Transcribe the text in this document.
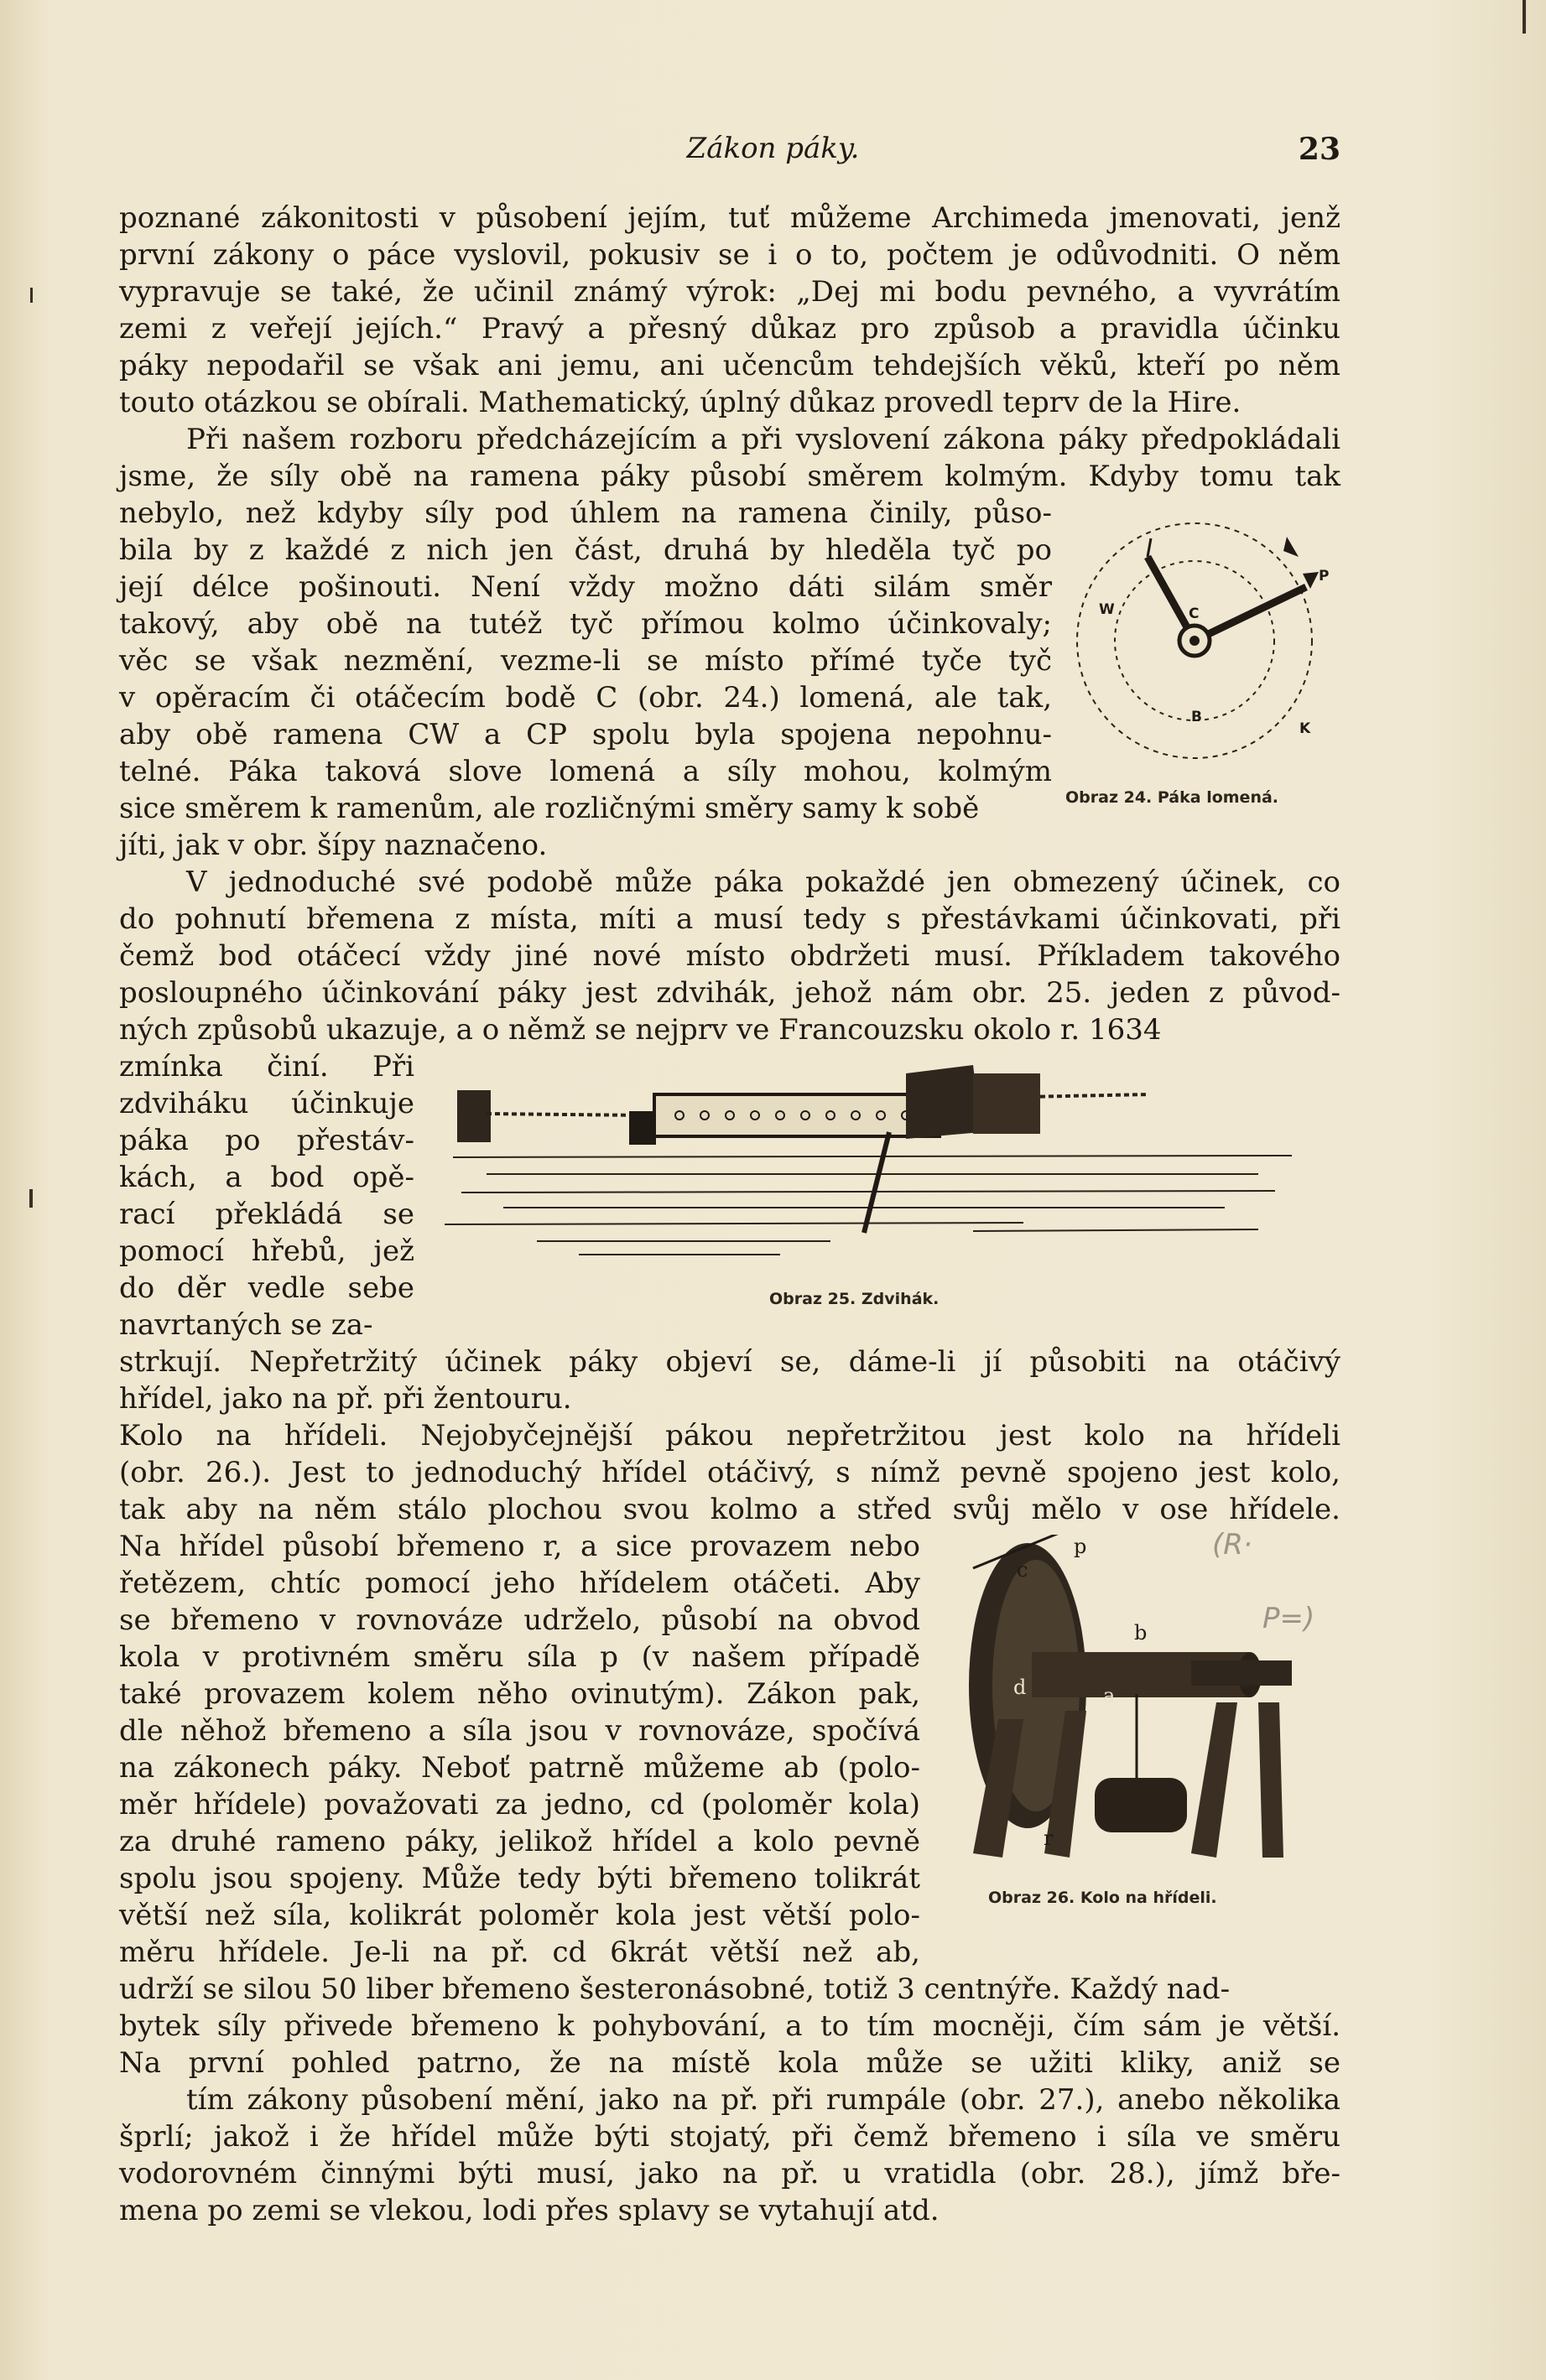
Zákon páky.	23
poznané zákonitosti v působení jejím, tuť můžeme Archimeda jmenovati, jenž
první zákony o páce vyslovil, pokusiv se i o to, počtem je odůvodniti. O něm
vypravuje se také, že učinil známý výrok: „Dej mi bodu pevného, a vyvrátím
zemi z veřejí jejích.“ Pravý a přesný důkaz pro způsob a pravidla účinku
páky nepodařil se však ani jemu, ani učencům tehdejších věků, kteří po něm
touto otázkou se obírali. Mathematický, úplný důkaz provedl teprv de la Hire.
Při našem rozboru předcházejícím a při vyslovení zákona páky předpokládali
jsme, že síly obě na ramena páky působí směrem kolmým. Kdyby tomu tak
nebylo, než kdyby síly pod úhlem na ramena činily, půso-
bila by z každé z nich jen část, druhá by hleděla tyč po
její délce pošinouti. Není vždy možno dáti silám směr
takový, aby obě na tutéž tyč přímou kolmo účinkovaly;
věc se však nezmění, vezme-li se místo přímé tyče tyč
v opěracím či otáčecím bodě C (obr. 24.) lomená, ale tak,
aby obě ramena CW a CP spolu byla spojena nepohnu-
telné. Páka taková slove lomená a síly mohou, kolmým
sice směrem k ramenům, ale rozličnými směry samy k sobě
jíti, jak v obr. šípy naznačeno.
V jednoduché své podobě může páka pokaždé jen obmezený účinek, co
do pohnutí břemena z místa, míti a musí tedy s přestávkami účinkovati, při
čemž bod otáčecí vždy jiné nové místo obdržeti musí. Příkladem takového
posloupného účinkování páky jest zdvihák, jehož nám obr. 25. jeden z původ-
ných způsobů ukazuje, a o němž se nejprv ve Francouzsku okolo r. 1634
zmínka činí. Při
zdviháku účinkuje
páka po přestáv-
kách, a bod opě-
rací překládá se
pomocí hřebů, jež
do děr vedle sebe
navrtaných se za-
strkují. Nepřetržitý účinek páky objeví se, dáme-li jí působiti na otáčivý
hřídel, jako na př. při žentouru.
Kolo na hřídeli. Nejobyčejnější pákou nepřetržitou jest kolo na hřídeli
(obr. 26.). Jest to jednoduchý hřídel otáčivý, s nímž pevně spojeno jest kolo,
tak aby na něm stálo plochou svou kolmo a střed svůj mělo v ose hřídele.
Na hřídel působí břemeno r, a sice provazem nebo
řetězem, chtíc pomocí jeho hřídelem otáčeti. Aby
se břemeno v rovnováze udrželo, působí na obvod
kola v protivném směru síla p (v našem případě
také provazem kolem něho ovinutým). Zákon pak,
dle něhož břemeno a síla jsou v rovnováze, spočívá
na zákonech páky. Neboť patrně můžeme ab (polo-
měr hřídele) považovati za jedno, cd (poloměr kola)
za druhé rameno páky, jelikož hřídel a kolo pevně
spolu jsou spojeny. Může tedy býti břemeno tolikrát
větší než síla, kolikrát poloměr kola jest větší polo-
měru hřídele. Je-li na př. cd 6krát větší než ab,
udrží se silou 50 liber břemeno šesteronásobné, totiž 3 centnýře. Každý nad-
bytek síly přivede břemeno k pohybování, a to tím mocněji, čím sám je větší.
Na první pohled patrno, že na místě kola může se užiti kliky, aniž se
tím zákony působení mění, jako na př. při rumpále (obr. 27.), anebo několika
šprlí; jakož i že hřídel může býti stojatý, při čemž břemeno i síla ve směru
vodorovném činnými býti musí, jako na př. u vratidla (obr. 28.), jímž bře-
mena po zemi se vlekou, lodi přes splavy se vytahují atd.
W	C
P
B
K
Obraz 24. Páka lomená.
Obraz 25. Zdvihák.
p
c
b
d	a
r
Obraz 26. Kolo na hřídeli.
(R·
P=)
